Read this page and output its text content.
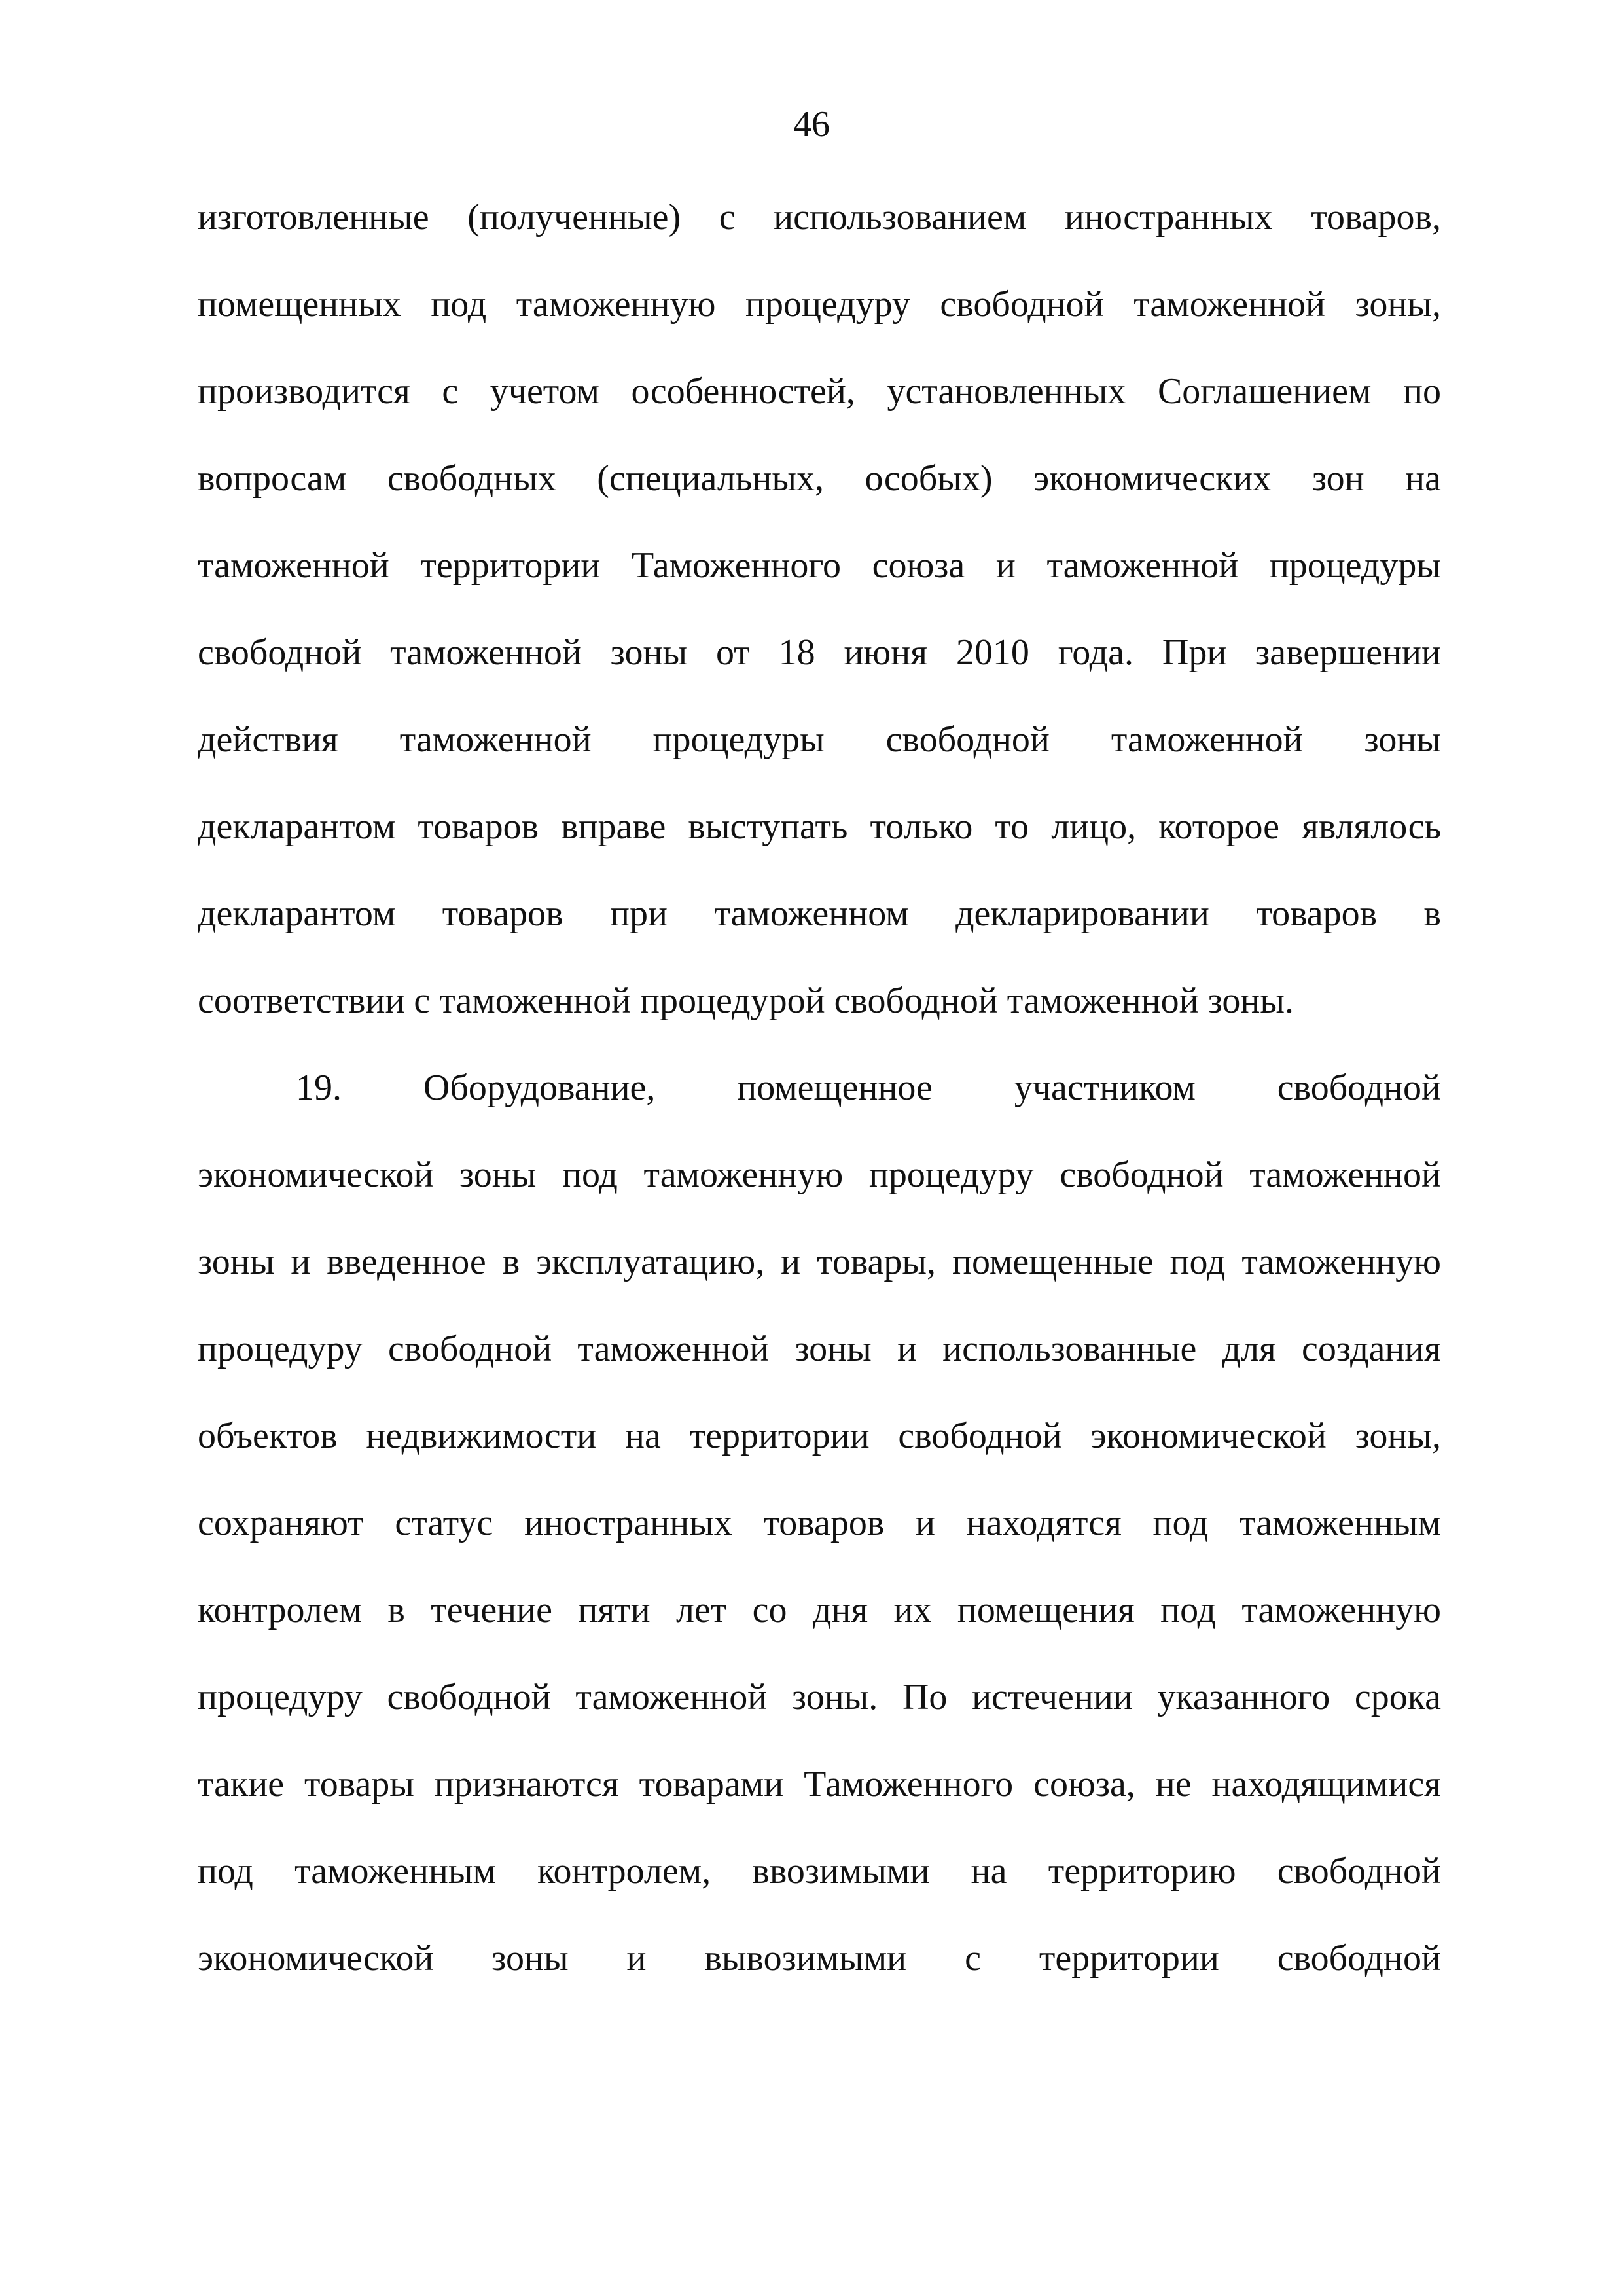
46
изготовленные (полученные) с использованием иностранных товаров,
помещенных под таможенную процедуру свободной таможенной зоны,
производится с учетом особенностей, установленных Соглашением по
вопросам свободных (специальных, особых) экономических зон на
таможенной территории Таможенного союза и таможенной процедуры
свободной таможенной зоны от 18 июня 2010 года. При завершении
действия таможенной процедуры свободной таможенной зоны
декларантом товаров вправе выступать только то лицо, которое являлось
декларантом товаров при таможенном декларировании товаров в
соответствии с таможенной процедурой свободной таможенной зоны.
19. Оборудование, помещенное участником свободной
экономической зоны под таможенную процедуру свободной таможенной
зоны и введенное в эксплуатацию, и товары, помещенные под таможенную
процедуру свободной таможенной зоны и использованные для создания
объектов недвижимости на территории свободной экономической зоны,
сохраняют статус иностранных товаров и находятся под таможенным
контролем в течение пяти лет со дня их помещения под таможенную
процедуру свободной таможенной зоны. По истечении указанного срока
такие товары признаются товарами Таможенного союза, не находящимися
под таможенным контролем, ввозимыми на территорию свободной
экономической зоны и вывозимыми с территории свободной
